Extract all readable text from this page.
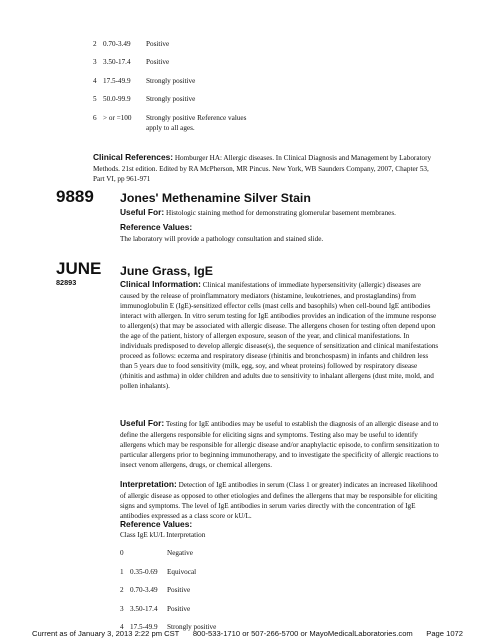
2 0.70-3.49	Positive
3 3.50-17.4	Positive
4 17.5-49.9	Strongly positive
5 50.0-99.9	Strongly positive
6 > or =100	Strongly positive Reference values
apply to all ages.
Clinical References: Homburger HA: Allergic diseases. In Clinical Diagnosis and Management by Laboratory Methods. 21st edition. Edited by RA McPherson, MR Pincus. New York, WB Saunders Company, 2007, Chapter 53, Part VI, pp 961-971
9889 Jones' Methenamine Silver Stain
Useful For: Histologic staining method for demonstrating glomerular basement membranes.
Reference Values:
The laboratory will provide a pathology consultation and stained slide.
JUNE
82893
June Grass, IgE
Clinical Information: Clinical manifestations of immediate hypersensitivity (allergic) diseases are caused by the release of proinflammatory mediators (histamine, leukotrienes, and prostaglandins) from immunoglobulin E (IgE)-sensitized effector cells (mast cells and basophils) when cell-bound IgE antibodies interact with allergen. In vitro serum testing for IgE antibodies provides an indication of the immune response to allergen(s) that may be associated with allergic disease. The allergens chosen for testing often depend upon the age of the patient, history of allergen exposure, season of the year, and clinical manifestations. In individuals predisposed to develop allergic disease(s), the sequence of sensitization and clinical manifestations proceed as follows: eczema and respiratory disease (rhinitis and bronchospasm) in infants and children less than 5 years due to food sensitivity (milk, egg, soy, and wheat proteins) followed by respiratory disease (rhinitis and asthma) in older children and adults due to sensitivity to inhalant allergens (dust mite, mold, and pollen inhalants).
Useful For: Testing for IgE antibodies may be useful to establish the diagnosis of an allergic disease and to define the allergens responsible for eliciting signs and symptoms. Testing also may be useful to identify allergens which may be responsible for allergic disease and/or anaphylactic episode, to confirm sensitization to particular allergens prior to beginning immunotherapy, and to investigate the specificity of allergic reactions to insect venom allergens, drugs, or chemical allergens.
Interpretation: Detection of IgE antibodies in serum (Class 1 or greater) indicates an increased likelihood of allergic disease as opposed to other etiologies and defines the allergens that may be responsible for eliciting signs and symptoms. The level of IgE antibodies in serum varies directly with the concentration of IgE antibodies expressed as a class score or kU/L.
Reference Values:
Class IgE kU/L Interpretation
0	Negative
1 0.35-0.69	Equivocal
2 0.70-3.49	Positive
3 3.50-17.4	Positive
4 17.5-49.9	Strongly positive
Current as of January 3, 2013 2:22 pm CST 800-533-1710 or 507-266-5700 or MayoMedicalLaboratories.com Page 1072
